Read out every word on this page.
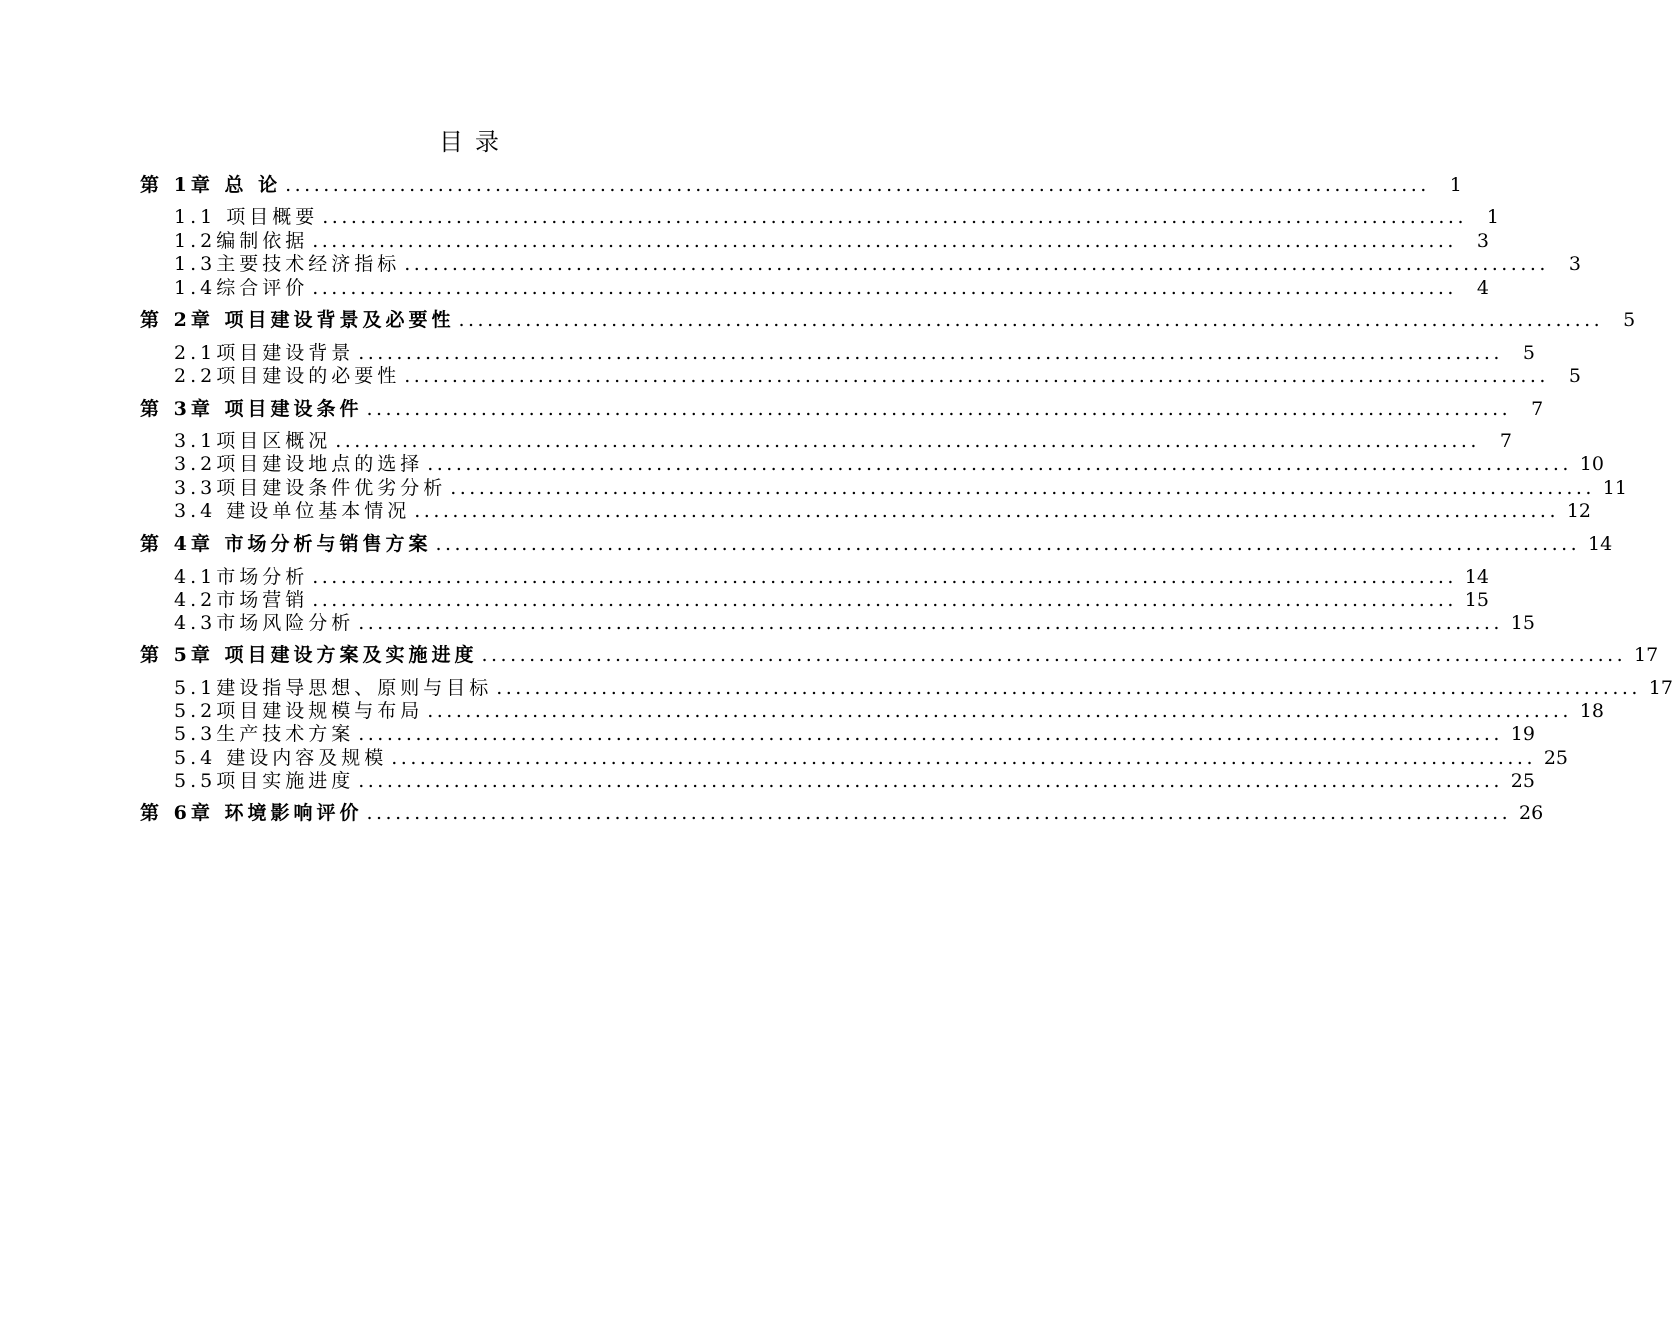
目录
第 1章 总 论 ........................................................................................................................	1
1.1 项目概要 ........................................................................................................................	1
1.2编制依据 ........................................................................................................................	3
1.3主要技术经济指标 ........................................................................................................................	3
1.4综合评价 ........................................................................................................................	4
第 2章 项目建设背景及必要性 ........................................................................................................................	5
2.1项目建设背景 ........................................................................................................................	5
2.2项目建设的必要性 ........................................................................................................................	5
第 3章 项目建设条件 ........................................................................................................................	7
3.1项目区概况 ........................................................................................................................	7
3.2项目建设地点的选择 ........................................................................................................................ 10
3.3项目建设条件优劣分析 ........................................................................................................................ 11
3.4 建设单位基本情况 ........................................................................................................................ 12
第 4章 市场分析与销售方案 ........................................................................................................................ 14
4.1市场分析 ........................................................................................................................ 14
4.2市场营销 ........................................................................................................................ 15
4.3市场风险分析 ........................................................................................................................ 15
第 5章 项目建设方案及实施进度 ........................................................................................................................ 17
5.1建设指导思想、原则与目标 ........................................................................................................................ 17
5.2项目建设规模与布局 ........................................................................................................................ 18
5.3生产技术方案 ........................................................................................................................ 19
5.4 建设内容及规模 ........................................................................................................................ 25
5.5项目实施进度 ........................................................................................................................ 25
第 6章 环境影响评价 ........................................................................................................................ 26
